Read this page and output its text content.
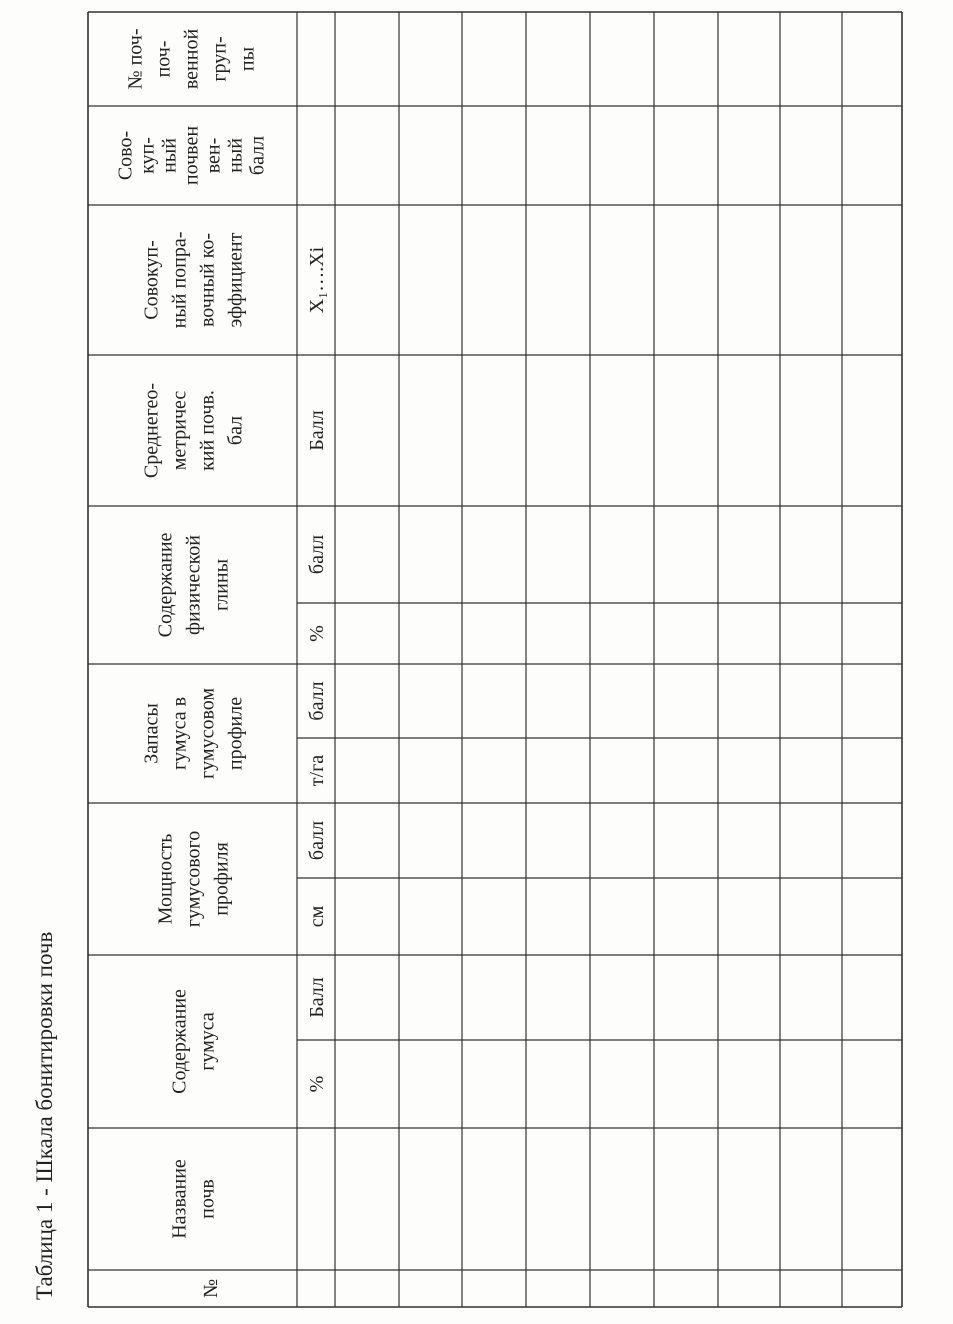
Таблица 1 - Шкала бонитировки почв	№
Название почв
Содержание гумуса
Мощность гумусового профиля
Запасы гумуса в гумусовом профиле
Содержание физической глины
Среднегео- метричес кий почв. бал
Совокуп- ный попра- вочный ко- эффициент
Сово- куп- ный почвен вен- ный балл
№ поч- поч- венной груп- пы
%
Балл
см
балл
т/га
балл
%
балл
Балл
X₁….Xi
